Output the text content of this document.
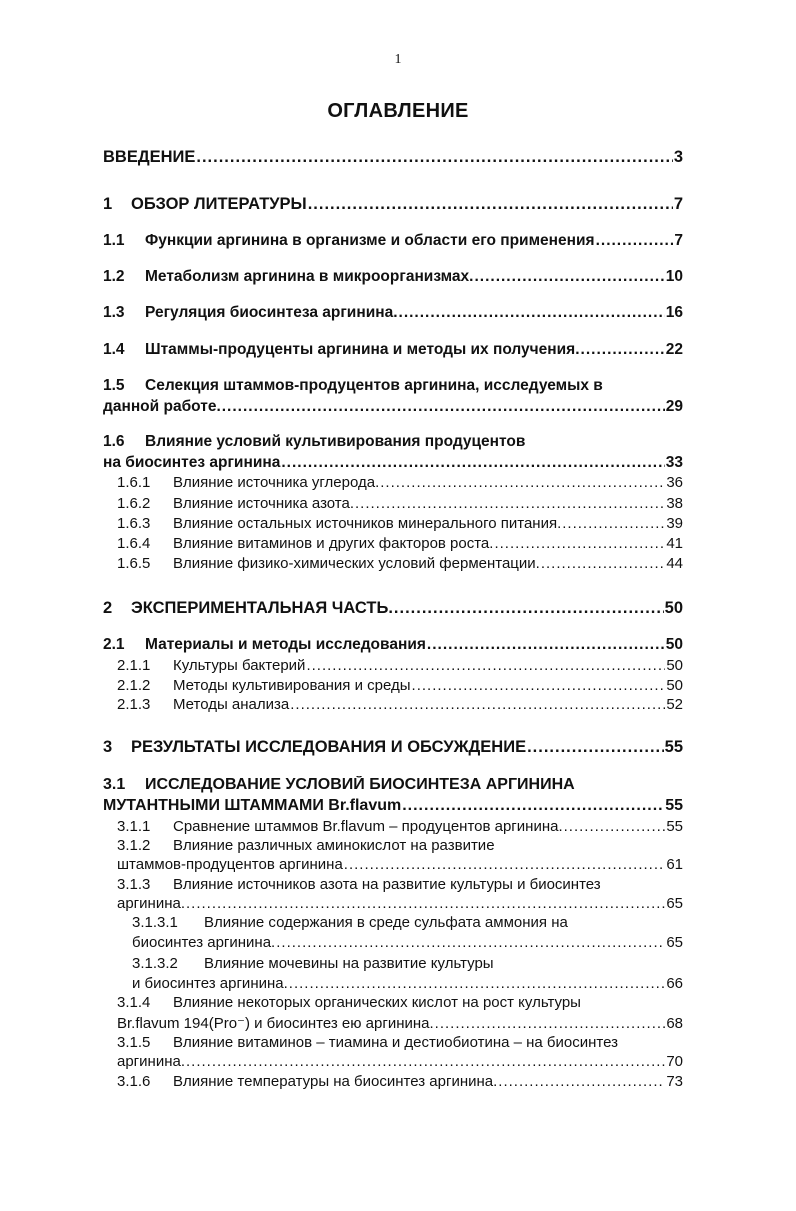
1
ОГЛАВЛЕНИЕ
ВВЕДЕНИЕ .....	3
1	ОБЗОР ЛИТЕРАТУРЫ .....	7
1.1	Функции аргинина в организме и области его применения .....	7
1.2	Метаболизм аргинина в микроорганизмах. .....	10
1.3	Регуляция биосинтеза аргинина. .....	16
1.4	Штаммы-продуценты аргинина и методы их получения. .....	22
1.5	Селекция штаммов-продуцентов аргинина, исследуемых в
данной работе. .....	29
1.6	Влияние условий культивирования продуцентов
на биосинтез аргинина .....	33
1.6.1	Влияние источника углерода. .....	36
1.6.2	Влияние источника азота. .....	38
1.6.3	Влияние остальных источников минерального питания. .....	39
1.6.4	Влияние витаминов и других факторов роста. .....	41
1.6.5	Влияние физико-химических условий ферментации. .....	44
2	ЭКСПЕРИМЕНТАЛЬНАЯ ЧАСТЬ. .....	50
2.1	Материалы и методы исследования .....	50
2.1.1	Культуры бактерий .....	50
2.1.2	Методы культивирования и среды .....	50
2.1.3	Методы анализа .....	52
3	РЕЗУЛЬТАТЫ ИССЛЕДОВАНИЯ И ОБСУЖДЕНИЕ .....	55
3.1	ИССЛЕДОВАНИЕ УСЛОВИЙ БИОСИНТЕЗА АРГИНИНА
МУТАНТНЫМИ ШТАММАМИ Br.flavum .....	55
3.1.1	Сравнение штаммов Br.flavum – продуцентов аргинина. .....	55
3.1.2	Влияние различных аминокислот на развитие
штаммов-продуцентов аргинина .....	61
3.1.3	Влияние источников азота на развитие культуры и биосинтез
аргинина. .....	65
3.1.3.1	Влияние содержания в среде сульфата аммония на
биосинтез аргинина. .....	65
3.1.3.2	Влияние мочевины на развитие культуры
и биосинтез аргинина. .....	66
3.1.4	Влияние некоторых органических кислот на рост культуры
Br.flavum 194(Pro⁻) и биосинтез ею аргинина. .....	68
3.1.5	Влияние витаминов – тиамина и дестиобиотина – на биосинтез
аргинина. .....	70
3.1.6	Влияние температуры на биосинтез аргинина. .....	73
